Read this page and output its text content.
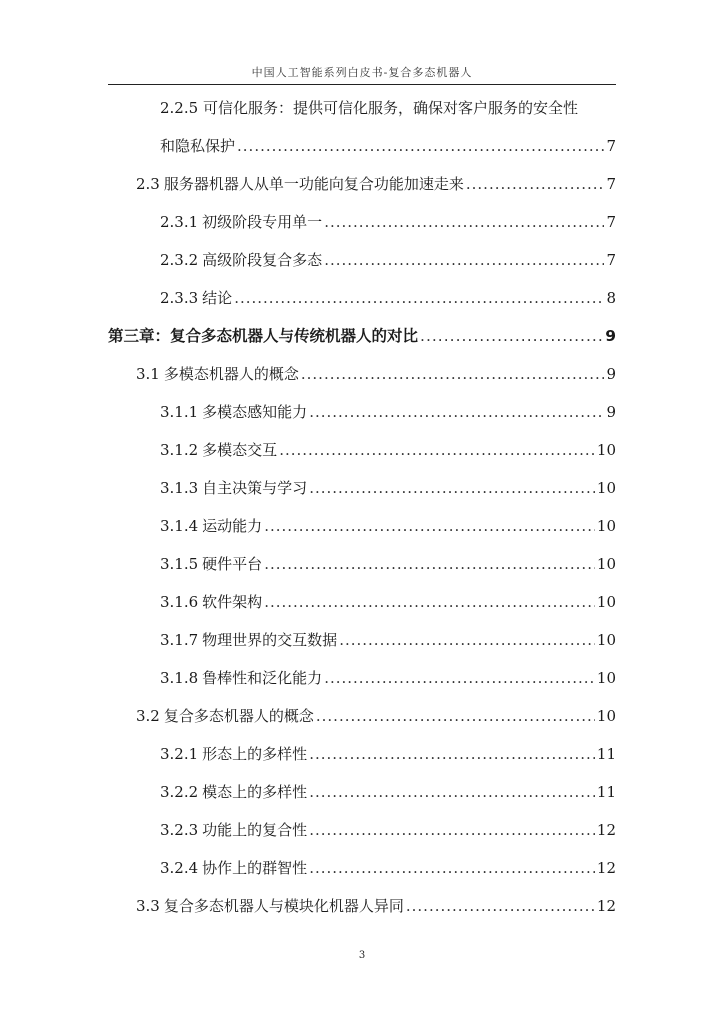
中国人工智能系列白皮书-复合多态机器人
2.2.5 可信化服务：提供可信化服务，确保对客户服务的安全性
和隐私保护 .....	7
2.3 服务器机器人从单一功能向复合功能加速走来 .....	7
2.3.1 初级阶段专用单一 .....	7
2.3.2 高级阶段复合多态 .....	7
2.3.3 结论 .....	8
第三章：复合多态机器人与传统机器人的对比 .....	9
3.1 多模态机器人的概念 .....	9
3.1.1 多模态感知能力 .....	9
3.1.2 多模态交互 .....	10
3.1.3 自主决策与学习 .....	10
3.1.4 运动能力 .....	10
3.1.5 硬件平台 .....	10
3.1.6 软件架构 .....	10
3.1.7 物理世界的交互数据 .....	10
3.1.8 鲁棒性和泛化能力 .....	10
3.2 复合多态机器人的概念 .....	10
3.2.1 形态上的多样性 .....	11
3.2.2 模态上的多样性 .....	11
3.2.3 功能上的复合性 .....	12
3.2.4 协作上的群智性 .....	12
3.3 复合多态机器人与模块化机器人异同 .....	12
3
